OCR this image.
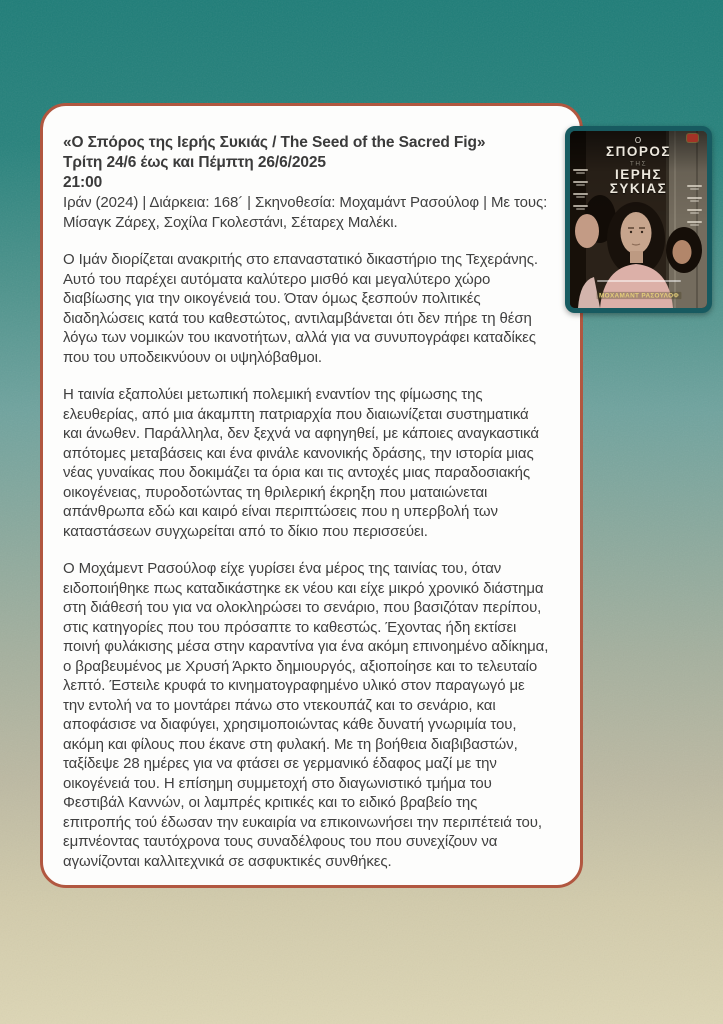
«Ο Σπόρος της Ιερής Συκιάς / The Seed of the Sacred Fig»
Τρίτη 24/6 έως και Πέμπτη 26/6/2025
21:00

Ιράν (2024) | Διάρκεια: 168´ | Σκηνοθεσία: Μοχαμάντ Ρασούλοφ | Με τους: Μίσαγκ Ζάρεχ, Σοχίλα Γκολεστάνι, Σέταρεχ Μαλέκι.

Ο Ιμάν διορίζεται ανακριτής στο επαναστατικό δικαστήριο της Τεχεράνης. Αυτό του παρέχει αυτόματα καλύτερο μισθό και μεγαλύτερο χώρο διαβίωσης για την οικογένειά του. Όταν όμως ξεσπούν πολιτικές διαδηλώσεις κατά του καθεστώτος, αντιλαμβάνεται ότι δεν πήρε τη θέση λόγω των νομικών του ικανοτήτων, αλλά για να συνυπογράφει καταδίκες που του υποδεικνύουν οι υψηλόβαθμοι.

Η ταινία εξαπολύει μετωπική πολεμική εναντίον της φίμωσης της ελευθερίας, από μια άκαμπτη πατριαρχία που διαιωνίζεται συστηματικά και άνωθεν. Παράλληλα, δεν ξεχνά να αφηγηθεί, με κάποιες αναγκαστικά απότομες μεταβάσεις και ένα φινάλε κανονικής δράσης, την ιστορία μιας νέας γυναίκας που δοκιμάζει τα όρια και τις αντοχές μιας παραδοσιακής οικογένειας, πυροδοτώντας τη θριλερική έκρηξη που ματαιώνεται απάνθρωπα εδώ και καιρό είναι περιπτώσεις που η υπερβολή των καταστάσεων συγχωρείται από το δίκιο που περισσεύει.

Ο Μοχάμεντ Ρασούλοφ είχε γυρίσει ένα μέρος της ταινίας του, όταν ειδοποιήθηκε πως καταδικάστηκε εκ νέου και είχε μικρό χρονικό διάστημα στη διάθεσή του για να ολοκληρώσει το σενάριο, που βασιζόταν περίπου, στις κατηγορίες που του πρόσαπτε το καθεστώς. Έχοντας ήδη εκτίσει ποινή φυλάκισης μέσα στην καραντίνα για ένα ακόμη επινοημένο αδίκημα, ο βραβευμένος με Χρυσή Άρκτο δημιουργός, αξιοποίησε και το τελευταίο λεπτό. Έστειλε κρυφά το κινηματογραφημένο υλικό στον παραγωγό με την εντολή να το μοντάρει πάνω στο ντεκουπάζ και το σενάριο, και αποφάσισε να διαφύγει, χρησιμοποιώντας κάθε δυνατή γνωριμία του, ακόμη και φίλους που έκανε στη φυλακή. Με τη βοήθεια διαβιβαστών, ταξίδεψε 28 ημέρες για να φτάσει σε γερμανικό έδαφος μαζί με την οικογένειά του. Η επίσημη συμμετοχή στο διαγωνιστικό τμήμα του Φεστιβάλ Καννών, οι λαμπρές κριτικές και το ειδικό βραβείο της επιτροπής τού έδωσαν την ευκαιρία να επικοινωνήσει την περιπέτειά του, εμπνέοντας ταυτόχρονα τους συναδέλφους του που συνεχίζουν να αγωνίζονται καλλιτεχνικά σε ασφυκτικές συνθήκες.

Ο
ΣΠΟΡΟΣ
ΤΗΣ
ΙΕΡΗΣ
ΣΥΚΙΑΣ
ΜΟΧΑΜΑΝΤ ΡΑΣΟΥΛΟΦ
